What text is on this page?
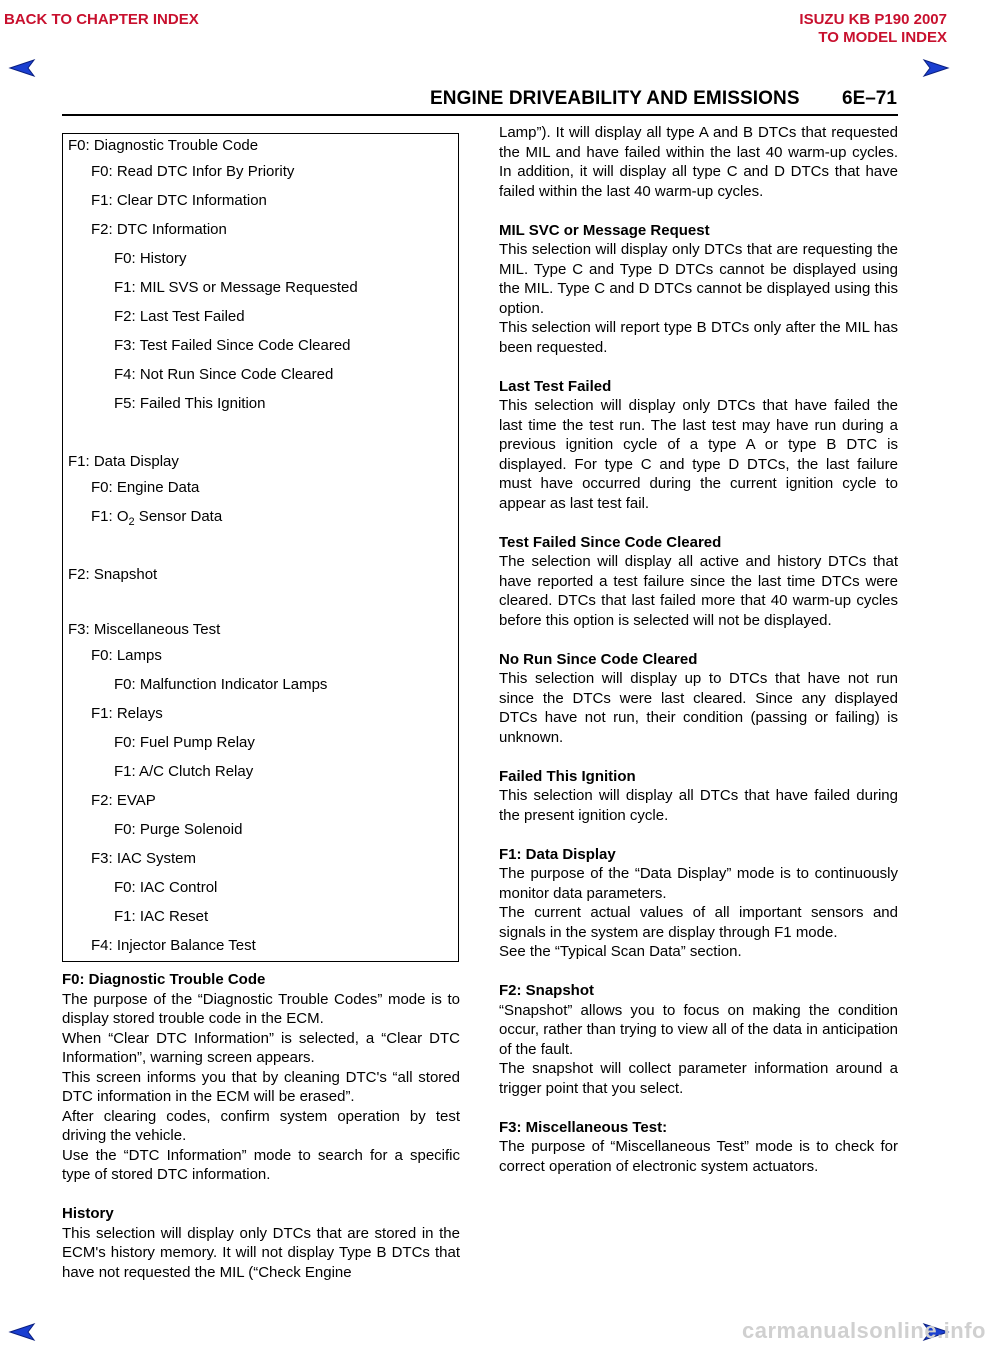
BACK TO CHAPTER INDEX	ISUZU KB P190 2007
TO MODEL INDEX
ENGINE DRIVEABILITY AND EMISSIONS 6E–71
F0: Diagnostic Trouble Code
F0: Read DTC Infor By Priority
F1: Clear DTC Information
F2: DTC Information
F0: History
F1: MIL SVS or Message Requested
F2: Last Test Failed
F3: Test Failed Since Code Cleared
F4: Not Run Since Code Cleared
F5: Failed This Ignition
F1: Data Display
F0: Engine Data
F1: $O_2$ Sensor Data
F2: Snapshot
F3: Miscellaneous Test
F0: Lamps
F0: Malfunction Indicator Lamps
F1: Relays
F0: Fuel Pump Relay
F1: A/C Clutch Relay
F2: EVAP
F0: Purge Solenoid
F3: IAC System
F0: IAC Control
F1: IAC Reset
F4: Injector Balance Test

F0: Diagnostic Trouble Code
The purpose of the “Diagnostic Trouble Codes” mode is to display stored trouble code in the ECM.

When “Clear DTC Information” is selected, a “Clear DTC Information”, warning screen appears.

This screen informs you that by cleaning DTC's “all stored DTC information in the ECM will be erased”.

After clearing codes, confirm system operation by test driving the vehicle.

Use the “DTC Information” mode to search for a specific type of stored DTC information.

History
This selection will display only DTCs that are stored in the ECM's history memory. It will not display Type B DTCs that have not requested the MIL (“Check Engine

Lamp”). It will display all type A and B DTCs that requested the MIL and have failed within the last 40 warm-up cycles. In addition, it will display all type C and D DTCs that have failed within the last 40 warm-up cycles.

MIL SVC or Message Request
This selection will display only DTCs that are requesting the MIL. Type C and Type D DTCs cannot be displayed using the MIL. Type C and D DTCs cannot be displayed using this option.

This selection will report type B DTCs only after the MIL has been requested.

Last Test Failed
This selection will display only DTCs that have failed the last time the test run. The last test may have run during a previous ignition cycle of a type A or type B DTC is displayed. For type C and type D DTCs, the last failure must have occurred during the current ignition cycle to appear as last test fail.

Test Failed Since Code Cleared
The selection will display all active and history DTCs that have reported a test failure since the last time DTCs were cleared. DTCs that last failed more that 40 warm-up cycles before this option is selected will not be displayed.

No Run Since Code Cleared
This selection will display up to DTCs that have not run since the DTCs were last cleared. Since any displayed DTCs have not run, their condition (passing or failing) is unknown.

Failed This Ignition
This selection will display all DTCs that have failed during the present ignition cycle.

F1: Data Display
The purpose of the “Data Display” mode is to continuously monitor data parameters.

The current actual values of all important sensors and signals in the system are display through F1 mode.

See the “Typical Scan Data” section.

F2: Snapshot
“Snapshot” allows you to focus on making the condition occur, rather than trying to view all of the data in anticipation of the fault.

The snapshot will collect parameter information around a trigger point that you select.

F3: Miscellaneous Test:
The purpose of “Miscellaneous Test” mode is to check for correct operation of electronic system actuators.

carmanualsonline.info
